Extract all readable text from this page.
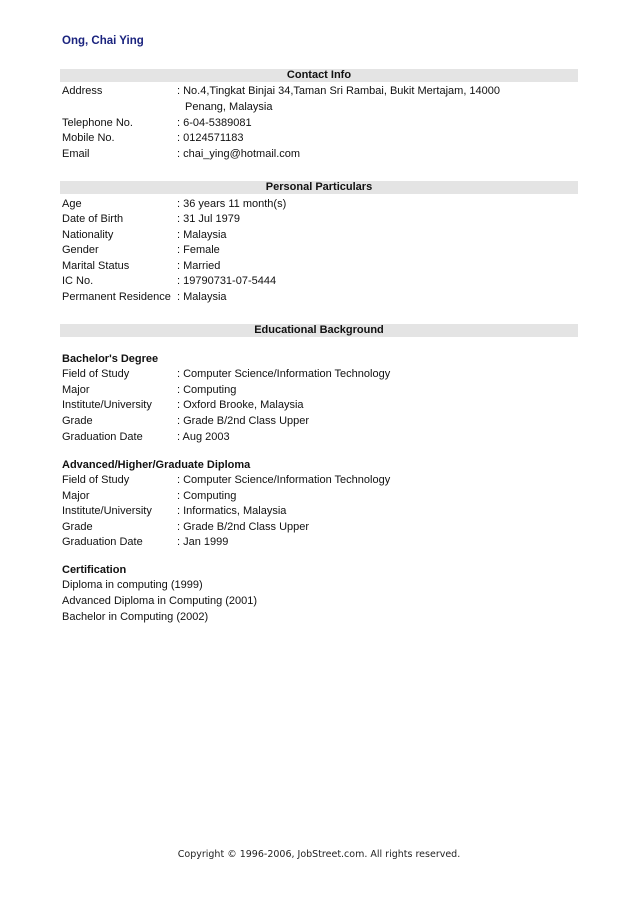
Ong, Chai Ying
Contact Info
Address	: No.4,Tingkat Binjai 34,Taman Sri Rambai, Bukit Mertajam, 14000
Penang, Malaysia
Telephone No.	: 6-04-5389081
Mobile No.	: 0124571183
Email	: chai_ying@hotmail.com
Personal Particulars
Age	: 36 years 11 month(s)
Date of Birth	: 31 Jul 1979
Nationality	: Malaysia
Gender	: Female
Marital Status	: Married
IC No.	: 19790731-07-5444
Permanent Residence : Malaysia
Educational Background
Bachelor's Degree
Field of Study	: Computer Science/Information Technology
Major	: Computing
Institute/University : Oxford Brooke, Malaysia
Grade	: Grade B/2nd Class Upper
Graduation Date	: Aug 2003
Advanced/Higher/Graduate Diploma
Field of Study	: Computer Science/Information Technology
Major	: Computing
Institute/University : Informatics, Malaysia
Grade	: Grade B/2nd Class Upper
Graduation Date	: Jan 1999
Certification
Diploma in computing (1999)
Advanced Diploma in Computing (2001)
Bachelor in Computing (2002)
Copyright © 1996-2006, JobStreet.com. All rights reserved.
